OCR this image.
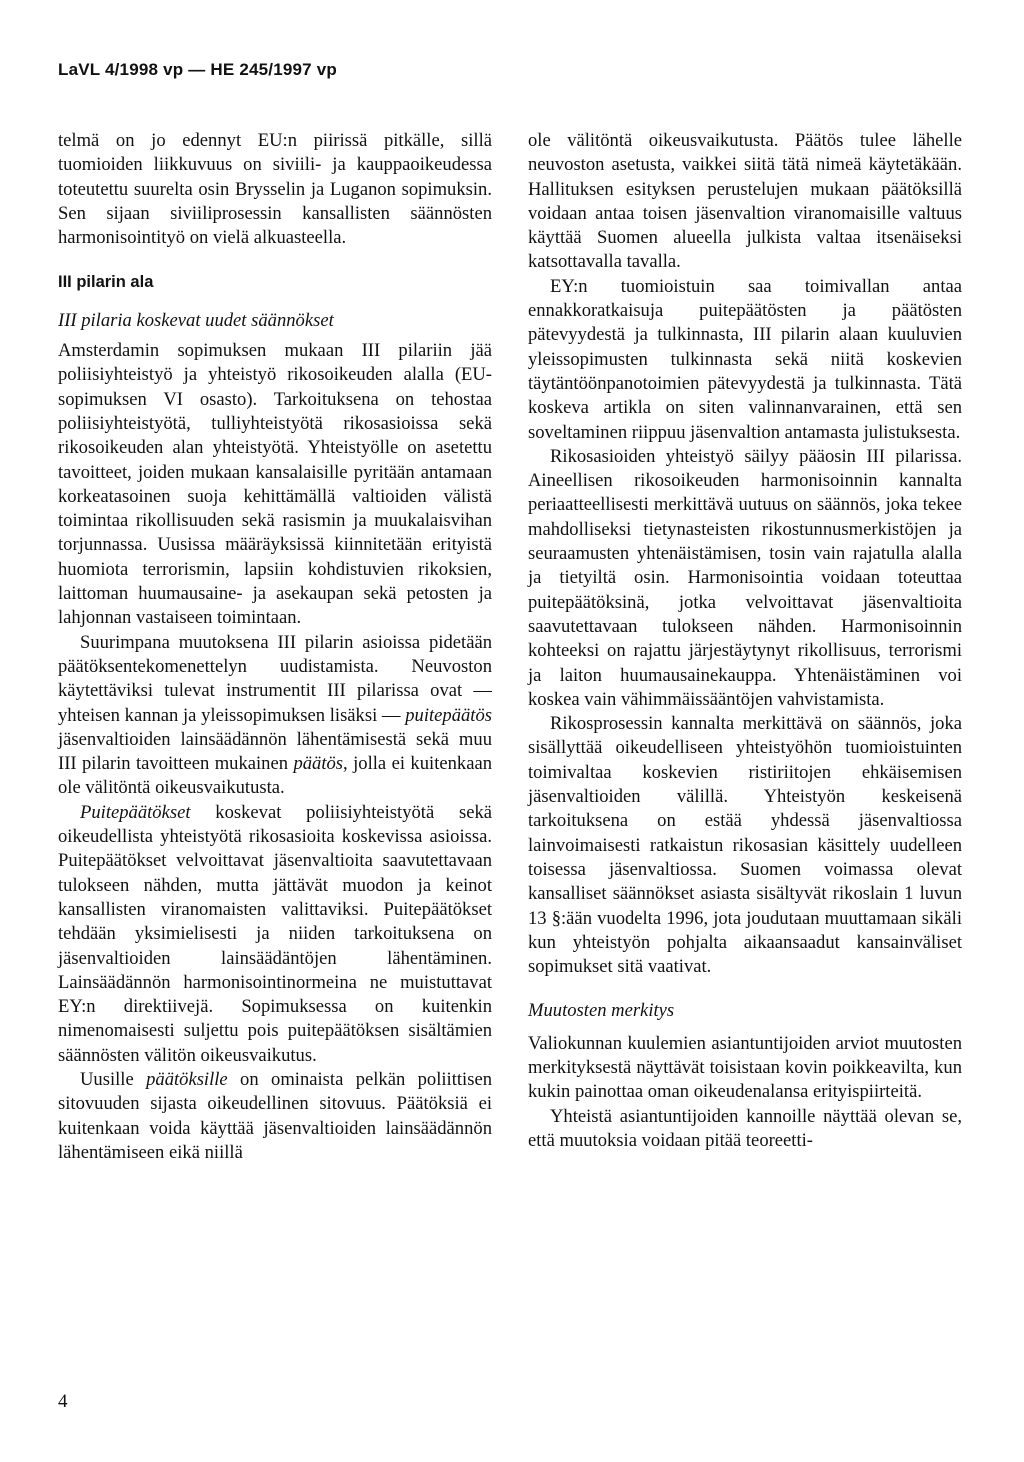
LaVL 4/1998 vp — HE 245/1997 vp

telmä on jo edennyt EU:n piirissä pitkälle, sillä tuomioiden liikkuvuus on siviili- ja kauppaoikeudessa toteutettu suurelta osin Brysselin ja Luganon sopimuksin. Sen sijaan siviiliprosessin kansallisten säännösten harmonisointityö on vielä alkuasteella.

III pilarin ala
III pilaria koskevat uudet säännökset

Amsterdamin sopimuksen mukaan III pilariin jää poliisiyhteistyö ja yhteistyö rikosoikeuden alalla (EU-sopimuksen VI osasto). Tarkoituksena on tehostaa poliisiyhteistyötä, tulliyhteistyötä rikosasioissa sekä rikosoikeuden alan yhteistyötä. Yhteistyölle on asetettu tavoitteet, joiden mukaan kansalaisille pyritään antamaan korkeatasoinen suoja kehittämällä valtioiden välistä toimintaa rikollisuuden sekä rasismin ja muukalaisvihan torjunnassa. Uusissa määräyksissä kiinnitetään erityistä huomiota terrorismin, lapsiin kohdistuvien rikoksien, laittoman huumausaine- ja asekaupan sekä petosten ja lahjonnan vastaiseen toimintaan.

Suurimpana muutoksena III pilarin asioissa pidetään päätöksentekomenettelyn uudistamista. Neuvoston käytettäviksi tulevat instrumentit III pilarissa ovat — yhteisen kannan ja yleissopimuksen lisäksi — puitepäätös jäsenvaltioiden lainsäädännön lähentämisestä sekä muu III pilarin tavoitteen mukainen päätös, jolla ei kuitenkaan ole välitöntä oikeusvaikutusta.

Puitepäätökset koskevat poliisiyhteistyötä sekä oikeudellista yhteistyötä rikosasioita koskevissa asioissa. Puitepäätökset velvoittavat jäsenvaltioita saavutettavaan tulokseen nähden, mutta jättävät muodon ja keinot kansallisten viranomaisten valittaviksi. Puitepäätökset tehdään yksimielisesti ja niiden tarkoituksena on jäsenvaltioiden lainsäädäntöjen lähentäminen. Lainsäädännön harmonisointinormeina ne muistuttavat EY:n direktiivejä. Sopimuksessa on kuitenkin nimenomaisesti suljettu pois puitepäätöksen sisältämien säännösten välitön oikeusvaikutus.

Uusille päätöksille on ominaista pelkän poliittisen sitovuuden sijasta oikeudellinen sitovuus. Päätöksiä ei kuitenkaan voida käyttää jäsenvaltioiden lainsäädännön lähentämiseen eikä niillä

ole välitöntä oikeusvaikutusta. Päätös tulee lähelle neuvoston asetusta, vaikkei siitä tätä nimeä käytetäkään. Hallituksen esityksen perustelujen mukaan päätöksillä voidaan antaa toisen jäsenvaltion viranomaisille valtuus käyttää Suomen alueella julkista valtaa itsenäiseksi katsottavalla tavalla.

EY:n tuomioistuin saa toimivallan antaa ennakkoratkaisuja puitepäätösten ja päätösten pätevyydestä ja tulkinnasta, III pilarin alaan kuuluvien yleissopimusten tulkinnasta sekä niitä koskevien täytäntöönpanotoimien pätevyydestä ja tulkinnasta. Tätä koskeva artikla on siten valinnanvarainen, että sen soveltaminen riippuu jäsenvaltion antamasta julistuksesta.

Rikosasioiden yhteistyö säilyy pääosin III pilarissa. Aineellisen rikosoikeuden harmonisoinnin kannalta periaatteellisesti merkittävä uutuus on säännös, joka tekee mahdolliseksi tietynasteisten rikostunnusmerkistöjen ja seuraamusten yhtenäistämisen, tosin vain rajatulla alalla ja tietyiltä osin. Harmonisointia voidaan toteuttaa puitepäätöksinä, jotka velvoittavat jäsenvaltioita saavutettavaan tulokseen nähden. Harmonisoinnin kohteeksi on rajattu järjestäytynyt rikollisuus, terrorismi ja laiton huumausainekauppa. Yhtenäistäminen voi koskea vain vähimmäissääntöjen vahvistamista.

Rikosprosessin kannalta merkittävä on säännös, joka sisällyttää oikeudelliseen yhteistyöhön tuomioistuinten toimivaltaa koskevien ristiriitojen ehkäisemisen jäsenvaltioiden välillä. Yhteistyön keskeisenä tarkoituksena on estää yhdessä jäsenvaltiossa lainvoimaisesti ratkaistun rikosasian käsittely uudelleen toisessa jäsenvaltiossa. Suomen voimassa olevat kansalliset säännökset asiasta sisältyvät rikoslain 1 luvun 13 §:ään vuodelta 1996, jota joudutaan muuttamaan sikäli kun yhteistyön pohjalta aikaansaadut kansainväliset sopimukset sitä vaativat.

Muutosten merkitys

Valiokunnan kuulemien asiantuntijoiden arviot muutosten merkityksestä näyttävät toisistaan kovin poikkeavilta, kun kukin painottaa oman oikeudenalansa erityispiirteitä.

Yhteistä asiantuntijoiden kannoille näyttää olevan se, että muutoksia voidaan pitää teoreetti-

4
